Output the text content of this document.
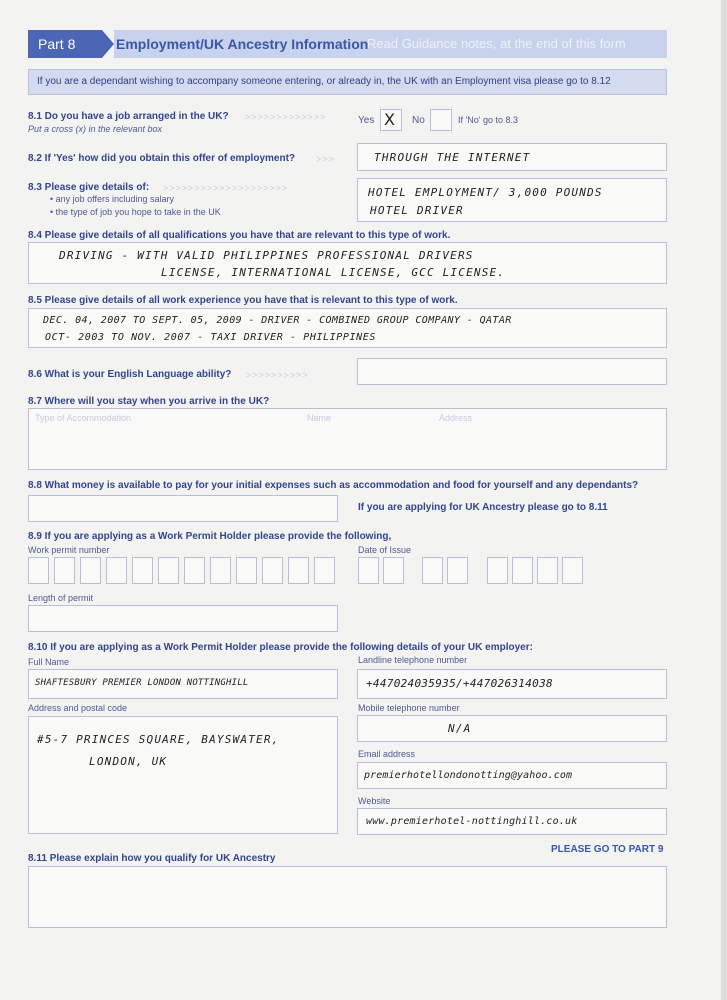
Part 8	Employment/UK Ancestry Information
Read Guidance notes, at the end of this form
If you are a dependant wishing to accompany someone entering, or already in, the UK with an Employment visa please go to 8.12
8.1 Do you have a job arranged in the UK?
Put a cross (x) in the relevant box
>>>>>>>>>>>>>	Yes X No	If 'No' go to 8.3
8.2 If 'Yes' how did you obtain this offer of employment? >>>	THROUGH THE INTERNET
8.3 Please give details of: >>>>>>>>>>>>>>>>>>>>
• any job offers including salary
• the type of job you hope to take in the UK
HOTEL EMPLOYMENT/ 3,000 POUNDS
HOTEL DRIVER
8.4 Please give details of all qualifications you have that are relevant to this type of work.
DRIVING - WITH VALID PHILIPPINES PROFESSIONAL DRIVERS
LICENSE, INTERNATIONAL LICENSE, GCC LICENSE.
8.5 Please give details of all work experience you have that is relevant to this type of work.
DEC. 04, 2007 TO SEPT. 05, 2009 - DRIVER - COMBINED GROUP COMPANY - QATAR
OCT- 2003 TO NOV. 2007 - TAXI DRIVER - PHILIPPINES
8.6 What is your English Language ability? >>>>>>>>>>
8.7 Where will you stay when you arrive in the UK?
Type of Accommodation	Name	Address
8.8 What money is available to pay for your initial expenses such as accommodation and food for yourself and any dependants?
If you are applying for UK Ancestry please go to 8.11
8.9 If you are applying as a Work Permit Holder please provide the following,
Work permit number	Date of Issue
Length of permit
8.10 If you are applying as a Work Permit Holder please provide the following details of your UK employer:
Full Name	Landline telephone number
SHAFTESBURY PREMIER LONDON NOTTINGHILL	+447024035935/+447026314038
Address and postal code	Mobile telephone number
#5-7 PRINCES SQUARE, BAYSWATER,
LONDON, UK
N/A
Email address
premierhotellondonotting@yahoo.com
Website
www.premierhotel-nottinghill.co.uk
PLEASE GO TO PART 9
8.11 Please explain how you qualify for UK Ancestry
